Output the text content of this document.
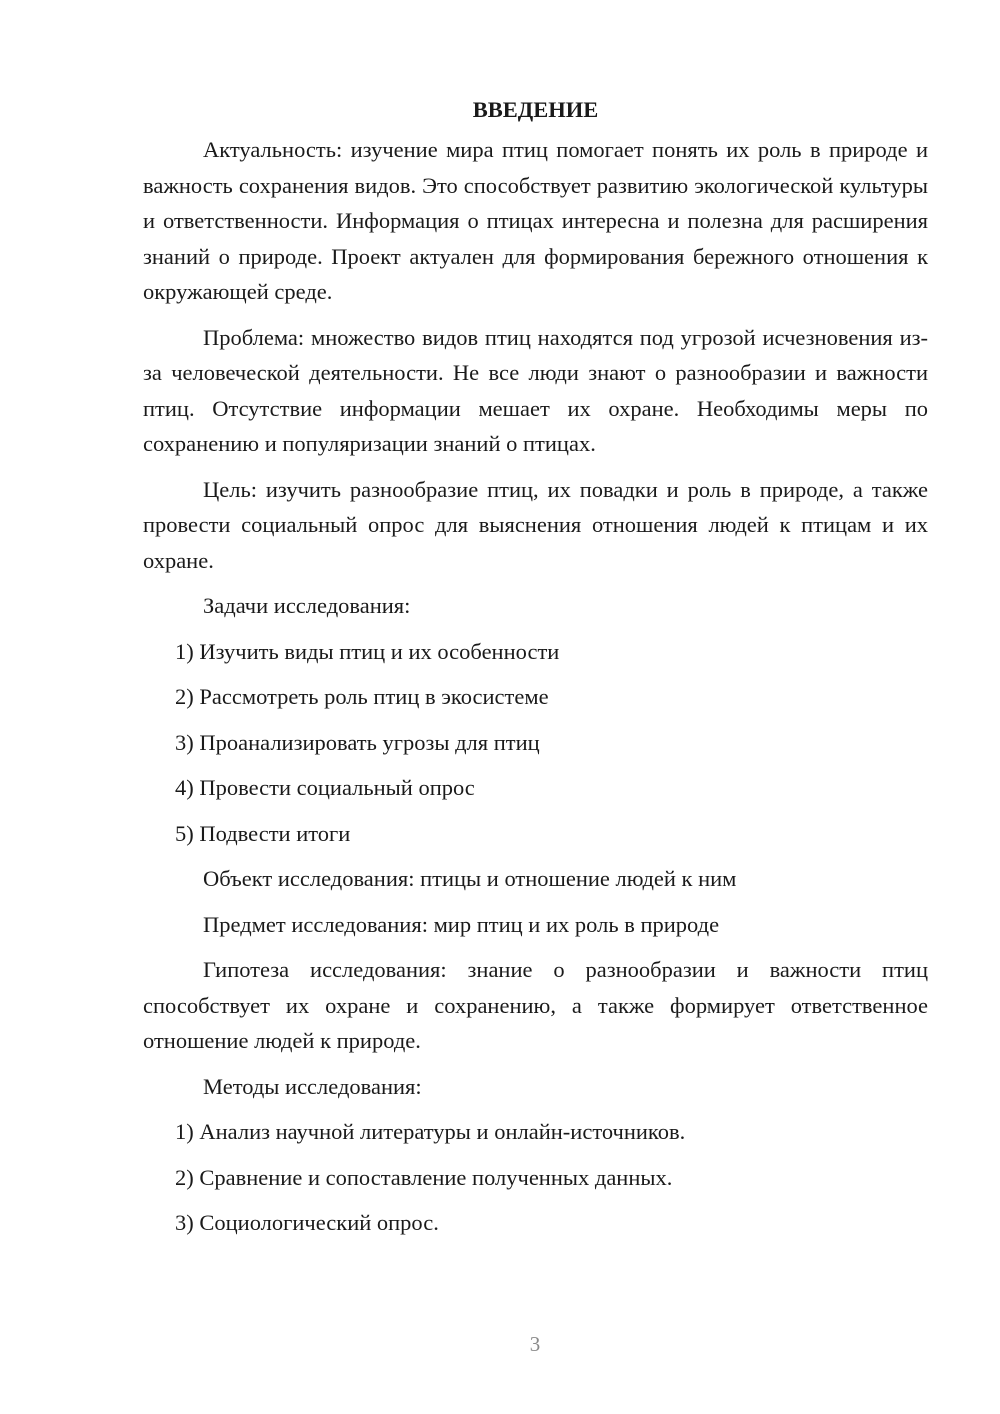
ВВЕДЕНИЕ

Актуальность: изучение мира птиц помогает понять их роль в природе и важность сохранения видов. Это способствует развитию экологической культуры и ответственности. Информация о птицах интересна и полезна для расширения знаний о природе. Проект актуален для формирования бережного отношения к окружающей среде.

Проблема: множество видов птиц находятся под угрозой исчезновения из-за человеческой деятельности. Не все люди знают о разнообразии и важности птиц. Отсутствие информации мешает их охране. Необходимы меры по сохранению и популяризации знаний о птицах.

Цель: изучить разнообразие птиц, их повадки и роль в природе, а также провести социальный опрос для выяснения отношения людей к птицам и их охране.

Задачи исследования:
1) Изучить виды птиц и их особенности
2) Рассмотреть роль птиц в экосистеме
3) Проанализировать угрозы для птиц
4) Провести социальный опрос
5) Подвести итоги
Объект исследования: птицы и отношение людей к ним
Предмет исследования: мир птиц и их роль в природе

Гипотеза исследования: знание о разнообразии и важности птиц способствует их охране и сохранению, а также формирует ответственное отношение людей к природе.

Методы исследования:
1) Анализ научной литературы и онлайн-источников.
2) Сравнение и сопоставление полученных данных.
3) Социологический опрос.
3
